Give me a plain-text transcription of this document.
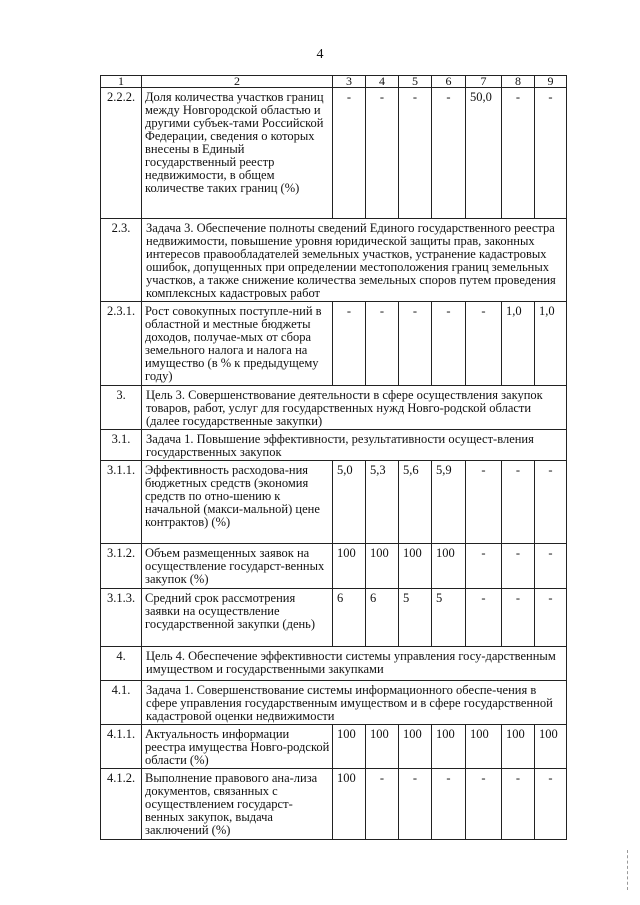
4
1	2	3	4	5	6	7	8	9
2.2.2.	Доля количества участков границ между Новгородской областью и другими субъек-тами Российской Федерации, сведения о которых внесены в Единый государственный реестр недвижимости, в общем количестве таких границ (%)	-	-	-	-	50,0	-	-
2.3.	Задача 3. Обеспечение полноты сведений Единого государственного реестра недвижимости, повышение уровня юридической защиты прав, законных интересов правообладателей земельных участков, устранение кадастровых ошибок, допущенных при определении местоположения границ земельных участков, а также снижение количества земельных споров путем проведения комплексных кадастровых работ							
2.3.1.	Рост совокупных поступле-ний в областной и местные бюджеты доходов, получае-мых от сбора земельного налога и налога на имущество (в % к предыдущему году)	-	-	-	-	-	1,0	1,0
3.	Цель 3. Совершенствование деятельности в сфере осуществления закупок товаров, работ, услуг для государственных нужд Новго-родской области (далее государственные закупки)							
3.1.	Задача 1. Повышение эффективности, результативности осущест-вления государственных закупок							
3.1.1.	Эффективность расходова-ния бюджетных средств (экономия средств по отно-шению к начальной (макси-мальной) цене контрактов) (%)	5,0	5,3	5,6	5,9	-	-	-
3.1.2.	Объем размещенных заявок на осуществление государст-венных закупок (%)	100	100	100	100	-	-	-
3.1.3.	Средний срок рассмотрения заявки на осуществление государственной закупки (день)	6	6	5	5	-	-	-
4.	Цель 4. Обеспечение эффективности системы управления госу-дарственным имуществом и государственными закупками							
4.1.	Задача 1. Совершенствование системы информационного обеспе-чения в сфере управления государственным имуществом и в сфере государственной кадастровой оценки недвижимости							
4.1.1.	Актуальность информации реестра имущества Новго-родской области (%)	100	100	100	100	100	100	100
4.1.2.	Выполнение правового ана-лиза документов, связанных с осуществлением государст-венных закупок, выдача заключений (%)	100	-	-	-	-	-	-
